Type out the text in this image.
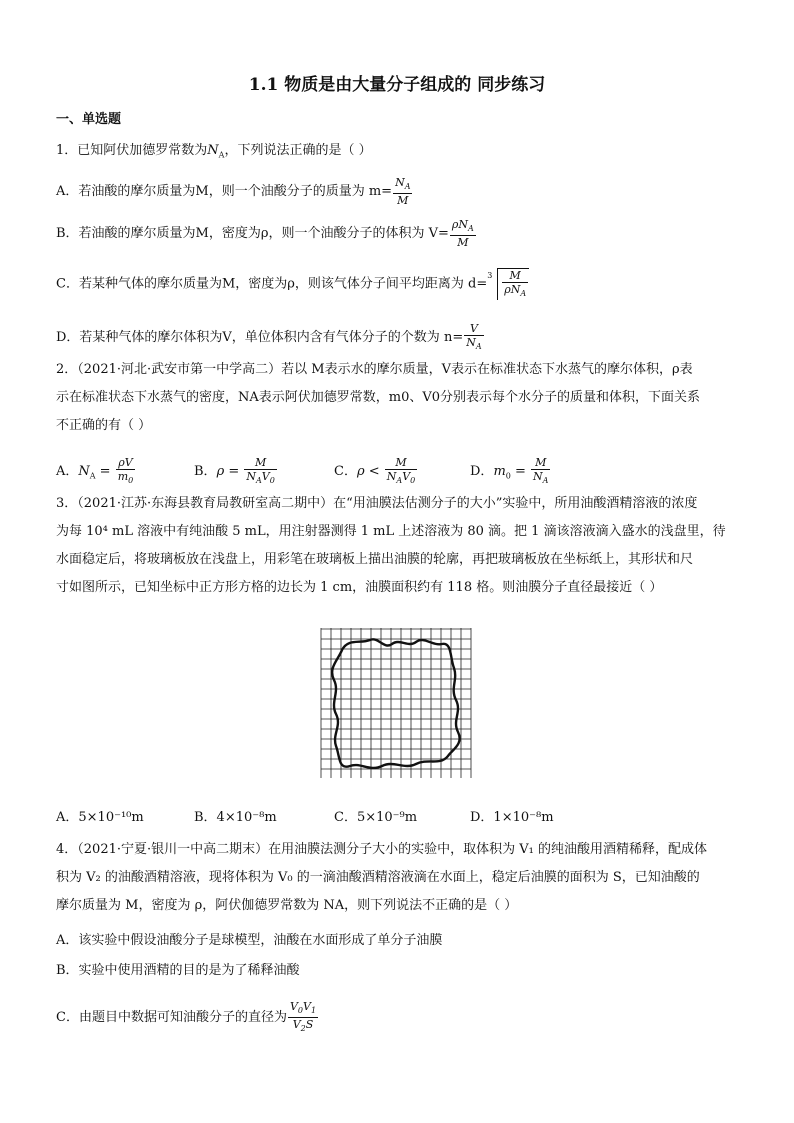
1.1 物质是由大量分子组成的 同步练习
一、单选题
1．已知阿伏加德罗常数为$N_A$，下列说法正确的是（ ）
A．若油酸的摩尔质量为M，则一个油酸分子的质量为 $m= \frac{N_A}{M}$
B．若油酸的摩尔质量为M，密度为ρ，则一个油酸分子的体积为 $V= \frac{\rho N_A}{M}$
C．若某种气体的摩尔质量为M，密度为ρ，则该气体分子间平均距离为 d=
$3 \frac{M}{\rho N_A}$
D．若某种气体的摩尔体积为V，单位体积内含有气体分子的个数为 $n= \frac{V}{N_A}$
2．（2021·河北·武安市第一中学高二）若以 M表示水的摩尔质量，V表示在标准状态下水蒸气的摩尔体积，ρ表
示在标准状态下水蒸气的密度，NA表示阿伏加德罗常数，m0、V0分别表示每个水分子的质量和体积，下面关系
不正确的有（ ）
A．$N_A = \frac{\rho V}{m_0}$	B．$\rho = \frac{M}{N_AV_0}$	C．$\rho < \frac{M}{N_AV_0}$	D．$m_0 = \frac{M}{N_A}$
3．（2021·江苏·东海县教育局教研室高二期中）在“用油膜法估测分子的大小”实验中，所用油酸酒精溶液的浓度
为每 10⁴ mL 溶液中有纯油酸 5 mL，用注射器测得 1 mL 上述溶液为 80 滴。把 1 滴该溶液滴入盛水的浅盘里，待
水面稳定后，将玻璃板放在浅盘上，用彩笔在玻璃板上描出油膜的轮廓，再把玻璃板放在坐标纸上，其形状和尺
寸如图所示，已知坐标中正方形方格的边长为 1 cm，油膜面积约有 118 格。则油膜分子直径最接近（ ）
A．5×10⁻¹⁰m	B．4×10⁻⁸m	C．5×10⁻⁹m	D．1×10⁻⁸m
4．（2021·宁夏·银川一中高二期末）在用油膜法测分子大小的实验中，取体积为 V₁ 的纯油酸用酒精稀释，配成体
积为 V₂ 的油酸酒精溶液，现将体积为 V₀ 的一滴油酸酒精溶液滴在水面上，稳定后油膜的面积为 S，已知油酸的
摩尔质量为 M，密度为 ρ，阿伏伽德罗常数为 NA，则下列说法不正确的是（ ）
A．该实验中假设油酸分子是球模型，油酸在水面形成了单分子油膜
B．实验中使用酒精的目的是为了稀释油酸
C．由题目中数据可知油酸分子的直径为 $\frac{V_0V_1}{V_2S}$
